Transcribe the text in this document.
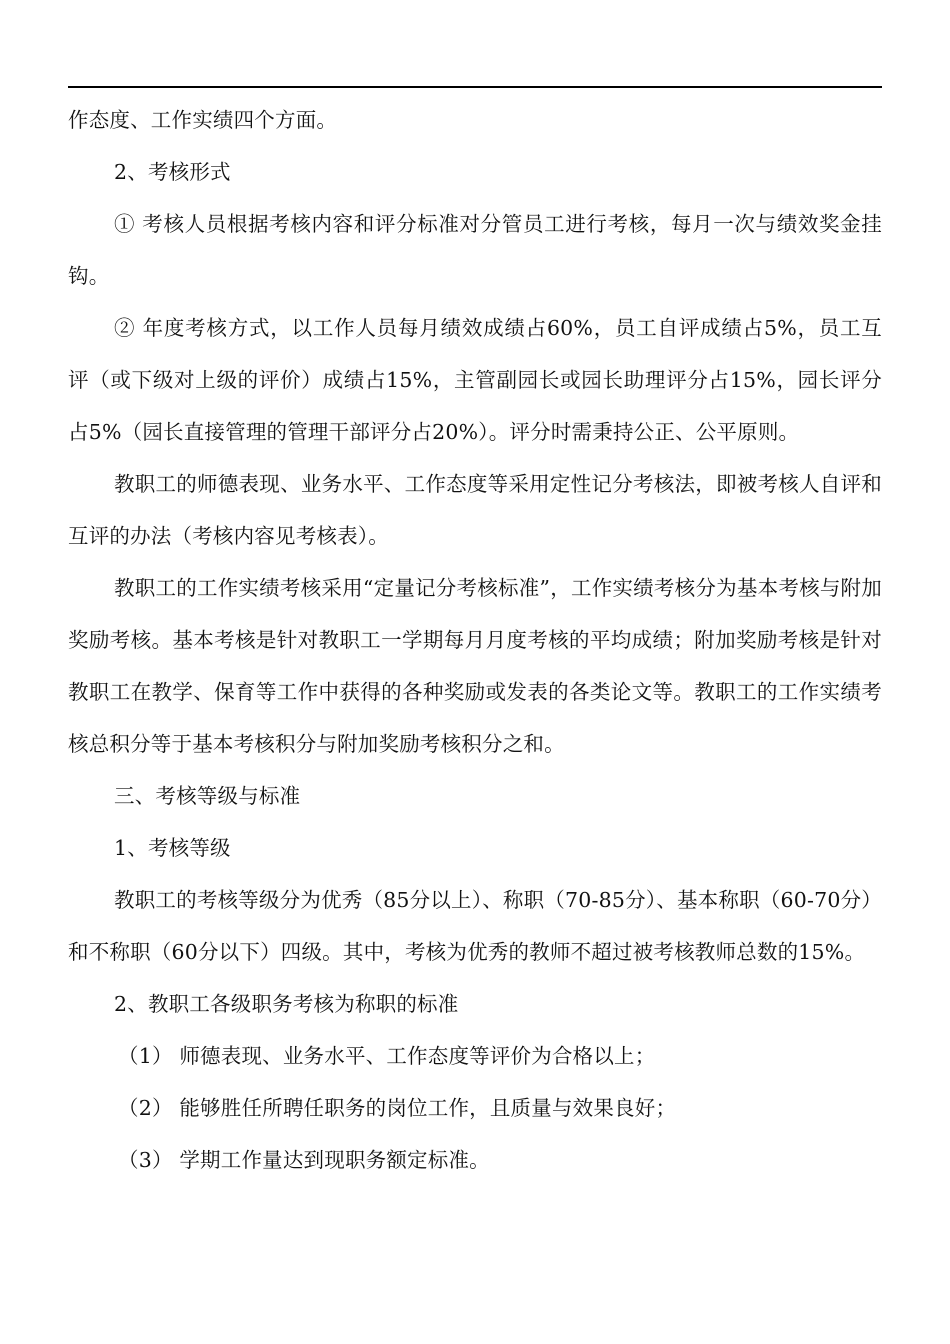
作态度、工作实绩四个方面。

2、考核形式

① 考核人员根据考核内容和评分标准对分管员工进行考核，每月一次与绩效奖金挂钩。

② 年度考核方式，以工作人员每月绩效成绩占60%，员工自评成绩占5%，员工互评（或下级对上级的评价）成绩占15%，主管副园长或园长助理评分占15%，园长评分占5%（园长直接管理的管理干部评分占20%）。评分时需秉持公正、公平原则。

教职工的师德表现、业务水平、工作态度等采用定性记分考核法，即被考核人自评和互评的办法（考核内容见考核表）。

教职工的工作实绩考核采用“定量记分考核标准”，工作实绩考核分为基本考核与附加奖励考核。基本考核是针对教职工一学期每月月度考核的平均成绩；附加奖励考核是针对教职工在教学、保育等工作中获得的各种奖励或发表的各类论文等。教职工的工作实绩考核总积分等于基本考核积分与附加奖励考核积分之和。

三、考核等级与标准

1、考核等级

教职工的考核等级分为优秀（85分以上）、称职（70-85分）、基本称职（60-70分）和不称职（60分以下）四级。其中，考核为优秀的教师不超过被考核教师总数的15%。

2、教职工各级职务考核为称职的标准

（1） 师德表现、业务水平、工作态度等评价为合格以上；

（2） 能够胜任所聘任职务的岗位工作，且质量与效果良好；

（3） 学期工作量达到现职务额定标准。
